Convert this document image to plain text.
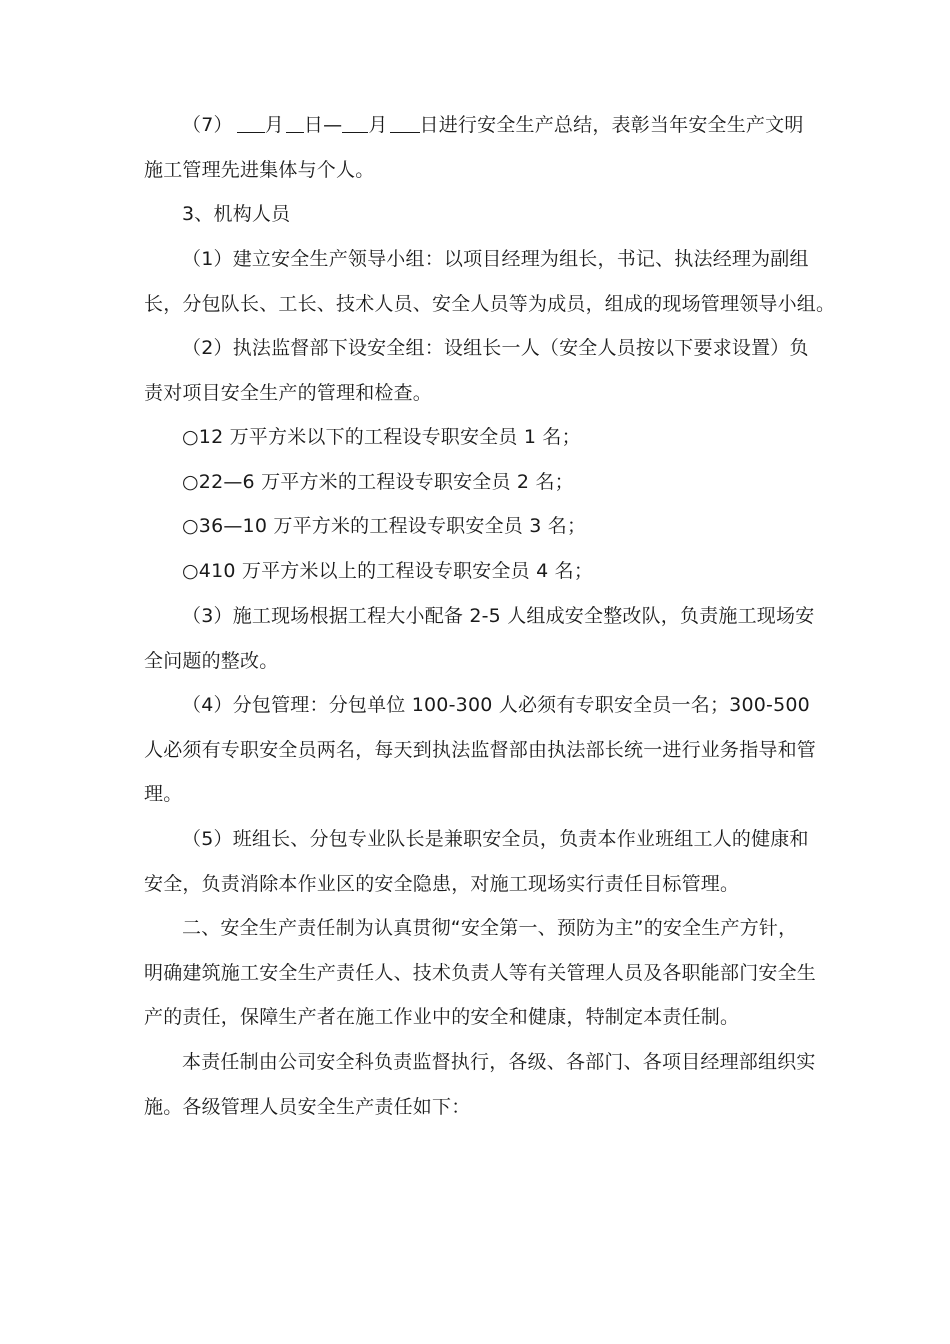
（7） 月 日— 月 日进行安全生产总结，表彰当年安全生产文明
施工管理先进集体与个人。
3、机构人员
（1）建立安全生产领导小组：以项目经理为组长，书记、执法经理为副组
长，分包队长、工长、技术人员、安全人员等为成员，组成的现场管理领导小组。
（2）执法监督部下设安全组：设组长一人（安全人员按以下要求设置）负
责对项目安全生产的管理和检查。
○12 万平方米以下的工程设专职安全员 1 名；
○22—6 万平方米的工程设专职安全员 2 名；
○36—10 万平方米的工程设专职安全员 3 名；
○410 万平方米以上的工程设专职安全员 4 名；
（3）施工现场根据工程大小配备 2-5 人组成安全整改队，负责施工现场安
全问题的整改。
（4）分包管理：分包单位 100-300 人必须有专职安全员一名；300-500
人必须有专职安全员两名，每天到执法监督部由执法部长统一进行业务指导和管
理。
（5）班组长、分包专业队长是兼职安全员，负责本作业班组工人的健康和
安全，负责消除本作业区的安全隐患，对施工现场实行责任目标管理。
二、安全生产责任制为认真贯彻“安全第一、预防为主”的安全生产方针，
明确建筑施工安全生产责任人、技术负责人等有关管理人员及各职能部门安全生
产的责任，保障生产者在施工作业中的安全和健康，特制定本责任制。
本责任制由公司安全科负责监督执行，各级、各部门、各项目经理部组织实
施。各级管理人员安全生产责任如下：
